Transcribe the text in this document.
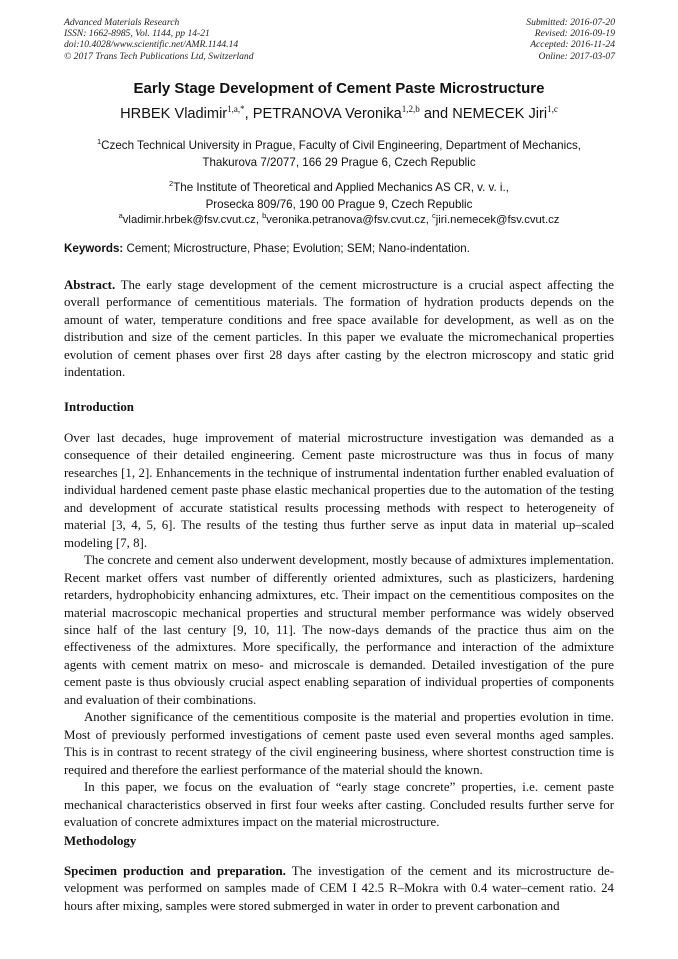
Advanced Materials Research
ISSN: 1662-8985, Vol. 1144, pp 14-21
doi:10.4028/www.scientific.net/AMR.1144.14
© 2017 Trans Tech Publications Ltd, Switzerland
Submitted: 2016-07-20
Revised: 2016-09-19
Accepted: 2016-11-24
Online: 2017-03-07
Early Stage Development of Cement Paste Microstructure
HRBEK Vladimir$^{1,a,*}$, PETRANOVA Veronika$^{1,2,b}$ and NEMECEK Jiri$^{1,c}$
$^1$Czech Technical University in Prague, Faculty of Civil Engineering, Department of Mechanics,
Thakurova 7/2077, 166 29 Prague 6, Czech Republic
$^2$The Institute of Theoretical and Applied Mechanics AS CR, v. v. i.,
Prosecka 809/76, 190 00 Prague 9, Czech Republic
$^a$vladimir.hrbek@fsv.cvut.cz, $^b$veronika.petranova@fsv.cvut.cz, $^c$jiri.nemecek@fsv.cvut.cz
Keywords: Cement; Microstructure, Phase; Evolution; SEM; Nano-indentation.

Abstract. The early stage development of the cement microstructure is a crucial aspect affecting the overall performance of cementitious materials. The formation of hydration products depends on the amount of water, temperature conditions and free space available for development, as well as on the distribution and size of the cement particles. In this paper we evaluate the micromechanical properties evolution of cement phases over first 28 days after casting by the electron microscopy and static grid indentation.

Introduction

Over last decades, huge improvement of material microstructure investigation was demanded as a consequence of their detailed engineering. Cement paste microstructure was thus in focus of many researches [1, 2]. Enhancements in the technique of instrumental indentation further enabled evaluation of individual hardened cement paste phase elastic mechanical properties due to the automation of the testing and development of accurate statistical results processing methods with respect to heterogeneity of material [3, 4, 5, 6]. The results of the testing thus further serve as input data in material up–scaled modeling [7, 8].

The concrete and cement also underwent development, mostly because of admixtures implementation. Recent market offers vast number of differently oriented admixtures, such as plasticizers, hardening retarders, hydrophobicity enhancing admixtures, etc. Their impact on the cementitious composites on the material macroscopic mechanical properties and structural member performance was widely observed since half of the last century [9, 10, 11]. The now-days demands of the practice thus aim on the effectiveness of the admixtures. More specifically, the performance and interaction of the admixture agents with cement matrix on meso- and microscale is demanded. Detailed investigation of the pure cement paste is thus obviously crucial aspect enabling separation of individual properties of components and evaluation of their combinations.

Another significance of the cementitious composite is the material and properties evolution in time. Most of previously performed investigations of cement paste used even several months aged samples. This is in contrast to recent strategy of the civil engineering business, where shortest construction time is required and therefore the earliest performance of the material should the known.

In this paper, we focus on the evaluation of “early stage concrete” properties, i.e. cement paste mechanical characteristics observed in first four weeks after casting. Concluded results further serve for evaluation of concrete admixtures impact on the material microstructure.

Methodology

Specimen production and preparation. The investigation of the cement and its microstructure development was performed on samples made of CEM I 42.5 R–Mokra with 0.4 water–cement ratio. 24 hours after mixing, samples were stored submerged in water in order to prevent carbonation and
